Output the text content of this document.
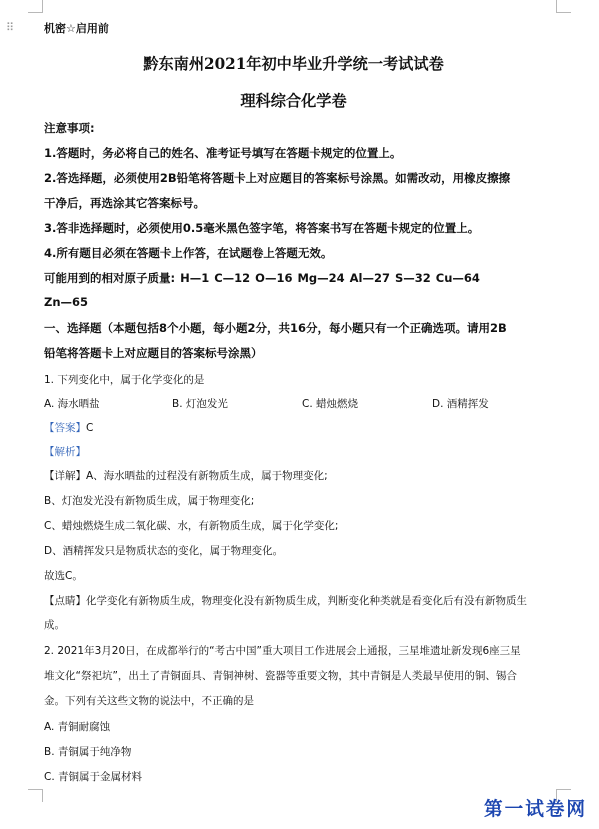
⠿	机密☆启用前
黔东南州2021年初中毕业升学统一考试试卷
理科综合化学卷
注意事项:
1.答题时，务必将自己的姓名、准考证号填写在答题卡规定的位置上。
2.答选择题，必须使用2B铅笔将答题卡上对应题目的答案标号涂黑。如需改动，用橡皮擦擦
干净后，再选涂其它答案标号。
3.答非选择题时，必须使用0.5毫米黑色签字笔，将答案书写在答题卡规定的位置上。
4.所有题目必须在答题卡上作答，在试题卷上答题无效。
可能用到的相对原子质量: H—1 C—12 O—16 Mg—24 Al—27 S—32 Cu—64
Zn—65
一、选择题（本题包括8个小题，每小题2分，共16分，每小题只有一个正确选项。请用2B
铅笔将答题卡上对应题目的答案标号涂黑）
1. 下列变化中，属于化学变化的是
A. 海水晒盐	B. 灯泡发光	C. 蜡烛燃烧	D. 酒精挥发
【答案】C
【解析】
【详解】A、海水晒盐的过程没有新物质生成，属于物理变化;
B、灯泡发光没有新物质生成，属于物理变化;
C、蜡烛燃烧生成二氧化碳、水，有新物质生成，属于化学变化;
D、酒精挥发只是物质状态的变化，属于物理变化。
故选C。
【点睛】化学变化有新物质生成，物理变化没有新物质生成，判断变化种类就是看变化后有没有新物质生
成。
2. 2021年3月20日，在成都举行的“考古中国”重大项目工作进展会上通报，三星堆遗址新发现6座三星
堆文化“祭祀坑”，出土了青铜面具、青铜神树、瓷器等重要文物，其中青铜是人类最早使用的铜、锡合
金。下列有关这些文物的说法中，不正确的是
A. 青铜耐腐蚀
B. 青铜属于纯净物
C. 青铜属于金属材料
第一试卷网
